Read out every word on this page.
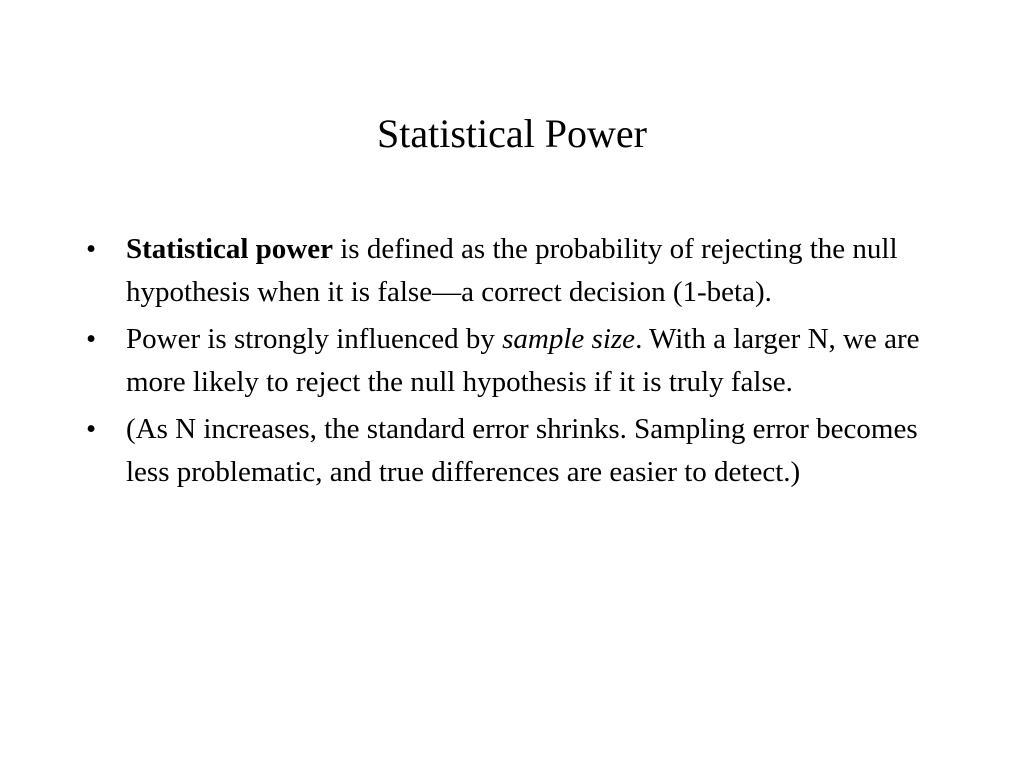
Statistical Power
• Statistical power is defined as the probability of rejecting the null hypothesis when it is false—a correct decision (1-beta).
• Power is strongly influenced by sample size. With a larger N, we are more likely to reject the null hypothesis if it is truly false.
• (As N increases, the standard error shrinks. Sampling error becomes less problematic, and true differences are easier to detect.)
